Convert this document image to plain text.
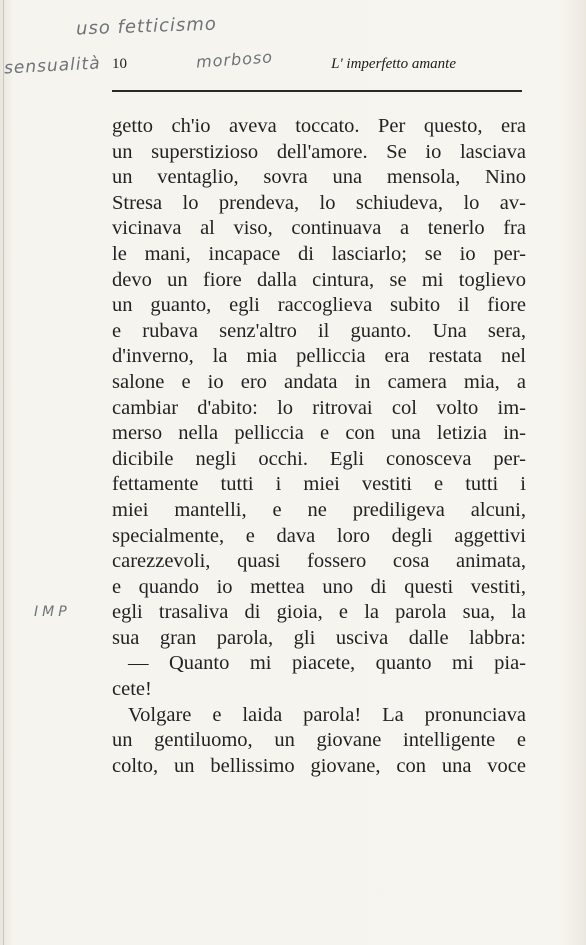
uso fetticismo
sensualità	morboso
IMP
10	L' imperfetto amante
getto ch'io aveva toccato. Per questo, era
un superstizioso dell'amore. Se io lasciava
un ventaglio, sovra una mensola, Nino
Stresa lo prendeva, lo schiudeva, lo av-
vicinava al viso, continuava a tenerlo fra
le mani, incapace di lasciarlo; se io per-
devo un fiore dalla cintura, se mi toglievo
un guanto, egli raccoglieva subito il fiore
e rubava senz'altro il guanto. Una sera,
d'inverno, la mia pelliccia era restata nel
salone e io ero andata in camera mia, a
cambiar d'abito: lo ritrovai col volto im-
merso nella pelliccia e con una letizia in-
dicibile negli occhi. Egli conosceva per-
fettamente tutti i miei vestiti e tutti i
miei mantelli, e ne prediligeva alcuni,
specialmente, e dava loro degli aggettivi
carezzevoli, quasi fossero cosa animata,
e quando io mettea uno di questi vestiti,
egli trasaliva di gioia, e la parola sua, la
sua gran parola, gli usciva dalle labbra:
— Quanto mi piacete, quanto mi pia-
cete!
Volgare e laida parola! La pronunciava
un gentiluomo, un giovane intelligente e
colto, un bellissimo giovane, con una voce
